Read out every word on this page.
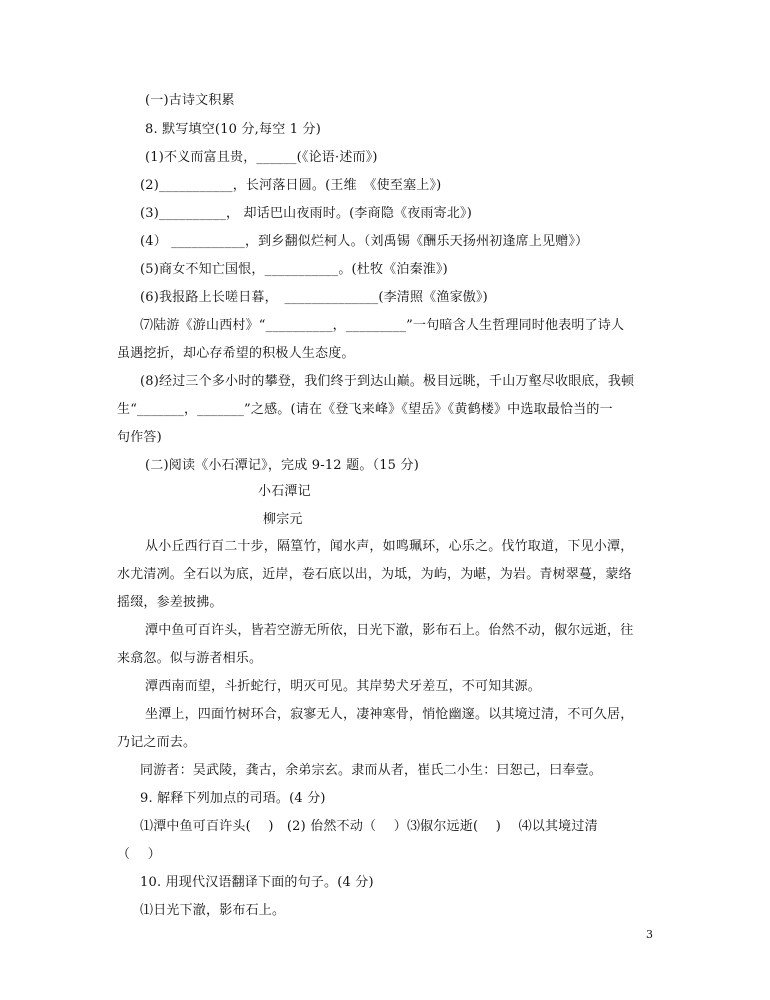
(一)古诗文积累
8. 默写填空(10 分,每空 1 分)
(1)不义而富且贵，______(《论语·述而》)
(2)___________，长河落日圆。(王维　《使至塞上》)
(3)__________， 却话巴山夜雨时。(李商隐《夜雨寄北》)
(4） ___________，到乡翻似烂柯人。（刘禹锡《酬乐天扬州初逢席上见赠》）
(5)商女不知亡国恨，___________。(杜牧《泊秦淮》)
(6)我报路上长嗟日暮，　______________(李清照《渔家傲》)
⑺陆游《游山西村》“__________，_________”一句暗含人生哲理同时他表明了诗人
虽遇挖折，却心存希望的积极人生态度。
(8)经过三个多小时的攀登，我们终于到达山巅。极目远眺，千山万壑尽收眼底，我顿
生“_______，_______”之感。(请在《登飞来峰》《望岳》《黄鹤楼》中选取最恰当的一
句作答)
(二)阅读《小石潭记》，完成 9-12 题。（15 分)
小石潭记
柳宗元
从小丘西行百二十步，隔篁竹，闻水声，如鸣珮环，心乐之。伐竹取道，下见小潭，
水尤清冽。全石以为底，近岸，卷石底以出，为坻，为屿，为嵁，为岩。青树翠蔓，蒙络
摇缀，参差披拂。
潭中鱼可百许头，皆若空游无所依，日光下澈，影布石上。佁然不动，俶尔远逝，往
来翕忽。似与游者相乐。
潭西南而望，斗折蛇行，明灭可见。其岸势犬牙差互，不可知其源。
坐潭上，四面竹树环合，寂寥无人，凄神寒骨，悄怆幽邃。以其境过清，不可久居，
乃记之而去。
同游者：吴武陵，龚古，余弟宗玄。隶而从者，崔氏二小生：曰恕己，曰奉壹。
9. 解释下列加点的司珸。(4 分)
⑴潭中鱼可百许头(　 )　(2) 佁然不动（　 ）⑶俶尔远逝(　 )　 ⑷以其境过清
（　 ）
10. 用现代汉语翻译下面的句子。(4 分)
⑴日光下澈，影布石上。
3
